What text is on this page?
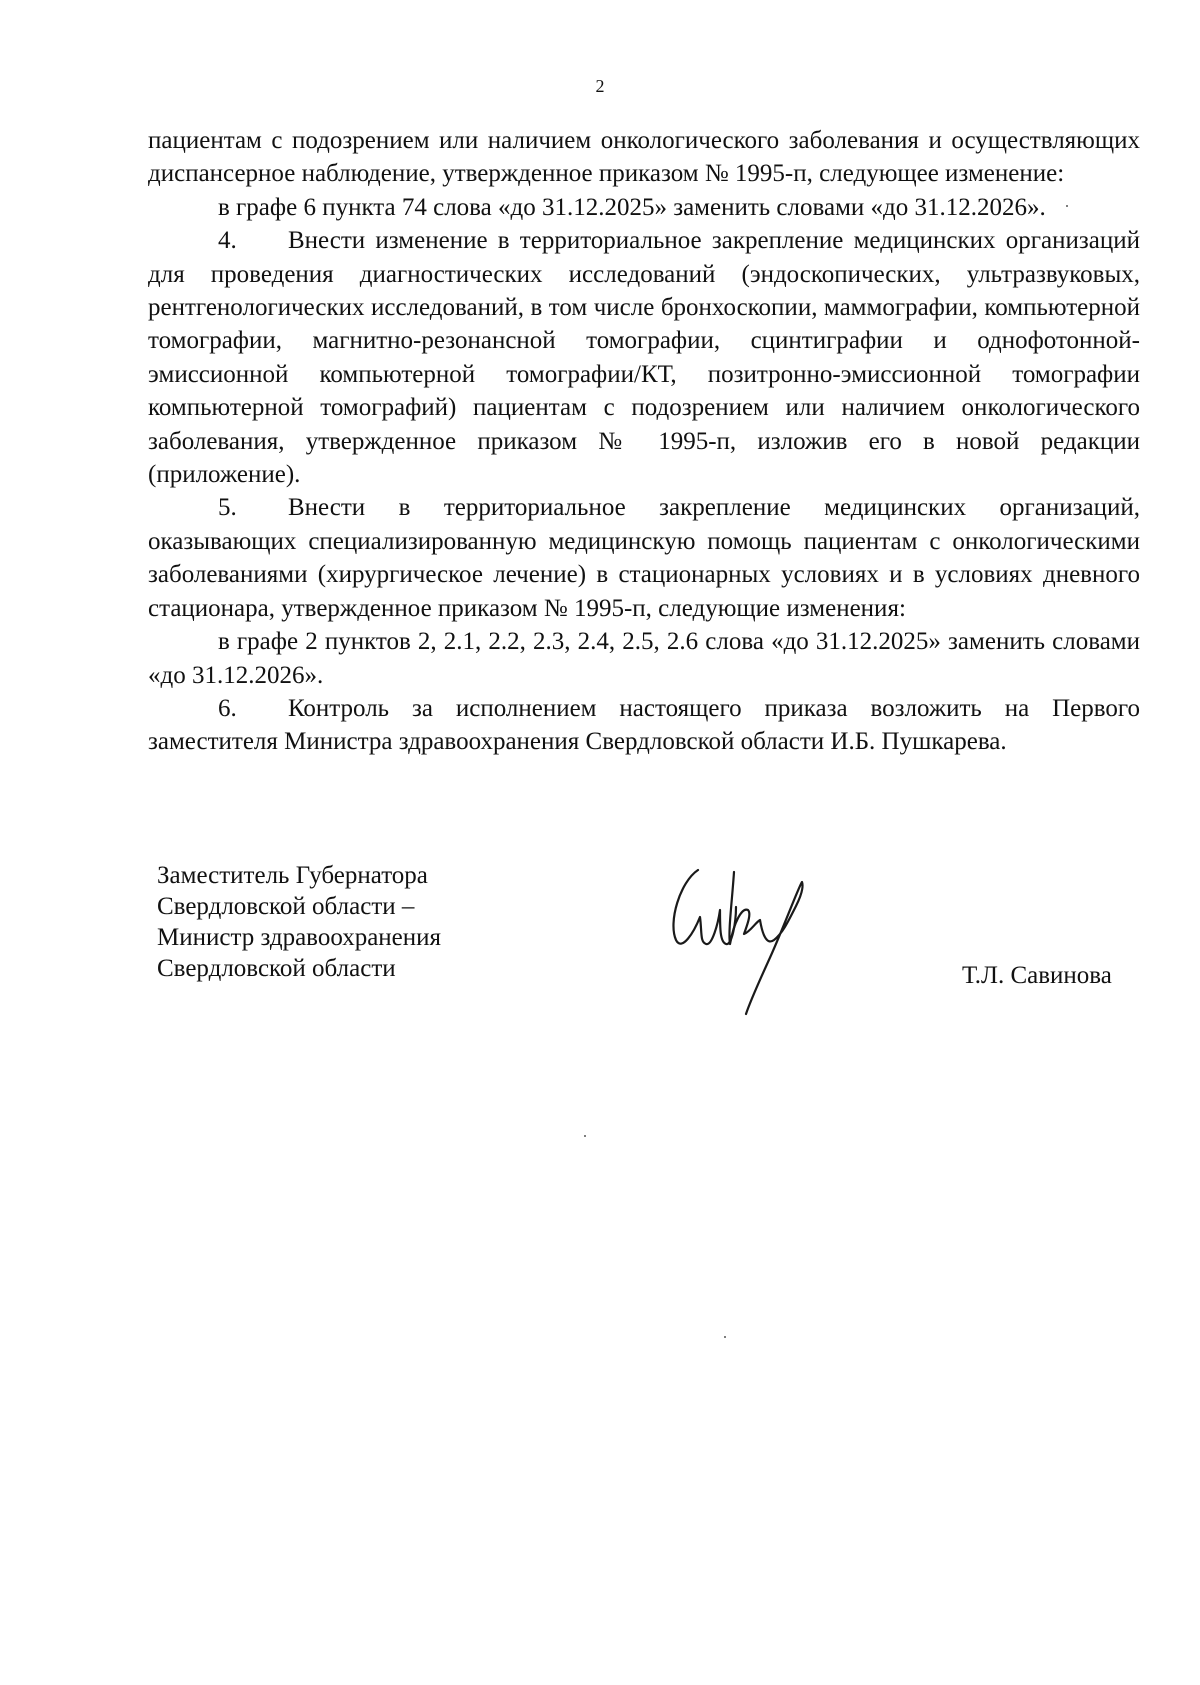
2

пациентам с подозрением или наличием онкологического заболевания и осуществляющих диспансерное наблюдение, утвержденное приказом № 1995-п, следующее изменение:

в графе 6 пункта 74 слова «до 31.12.2025» заменить словами «до 31.12.2026».

4. Внести изменение в территориальное закрепление медицинских организаций для проведения диагностических исследований (эндоскопических, ультразвуковых, рентгенологических исследований, в том числе бронхоскопии, маммографии, компьютерной томографии, магнитно-резонансной томографии, сцинтиграфии и однофотонной-эмиссионной компьютерной томографии/КТ, позитронно-эмиссионной томографии компьютерной томографий) пациентам с подозрением или наличием онкологического заболевания, утвержденное приказом № 1995-п, изложив его в новой редакции (приложение).

5. Внести в территориальное закрепление медицинских организаций, оказывающих специализированную медицинскую помощь пациентам с онкологическими заболеваниями (хирургическое лечение) в стационарных условиях и в условиях дневного стационара, утвержденное приказом № 1995-п, следующие изменения:

в графе 2 пунктов 2, 2.1, 2.2, 2.3, 2.4, 2.5, 2.6 слова «до 31.12.2025» заменить словами «до 31.12.2026».

6. Контроль за исполнением настоящего приказа возложить на Первого заместителя Министра здравоохранения Свердловской области И.Б. Пушкарева.

Заместитель Губернатора
Свердловской области –
Министр здравоохранения
Свердловской области	Т.Л. Савинова
